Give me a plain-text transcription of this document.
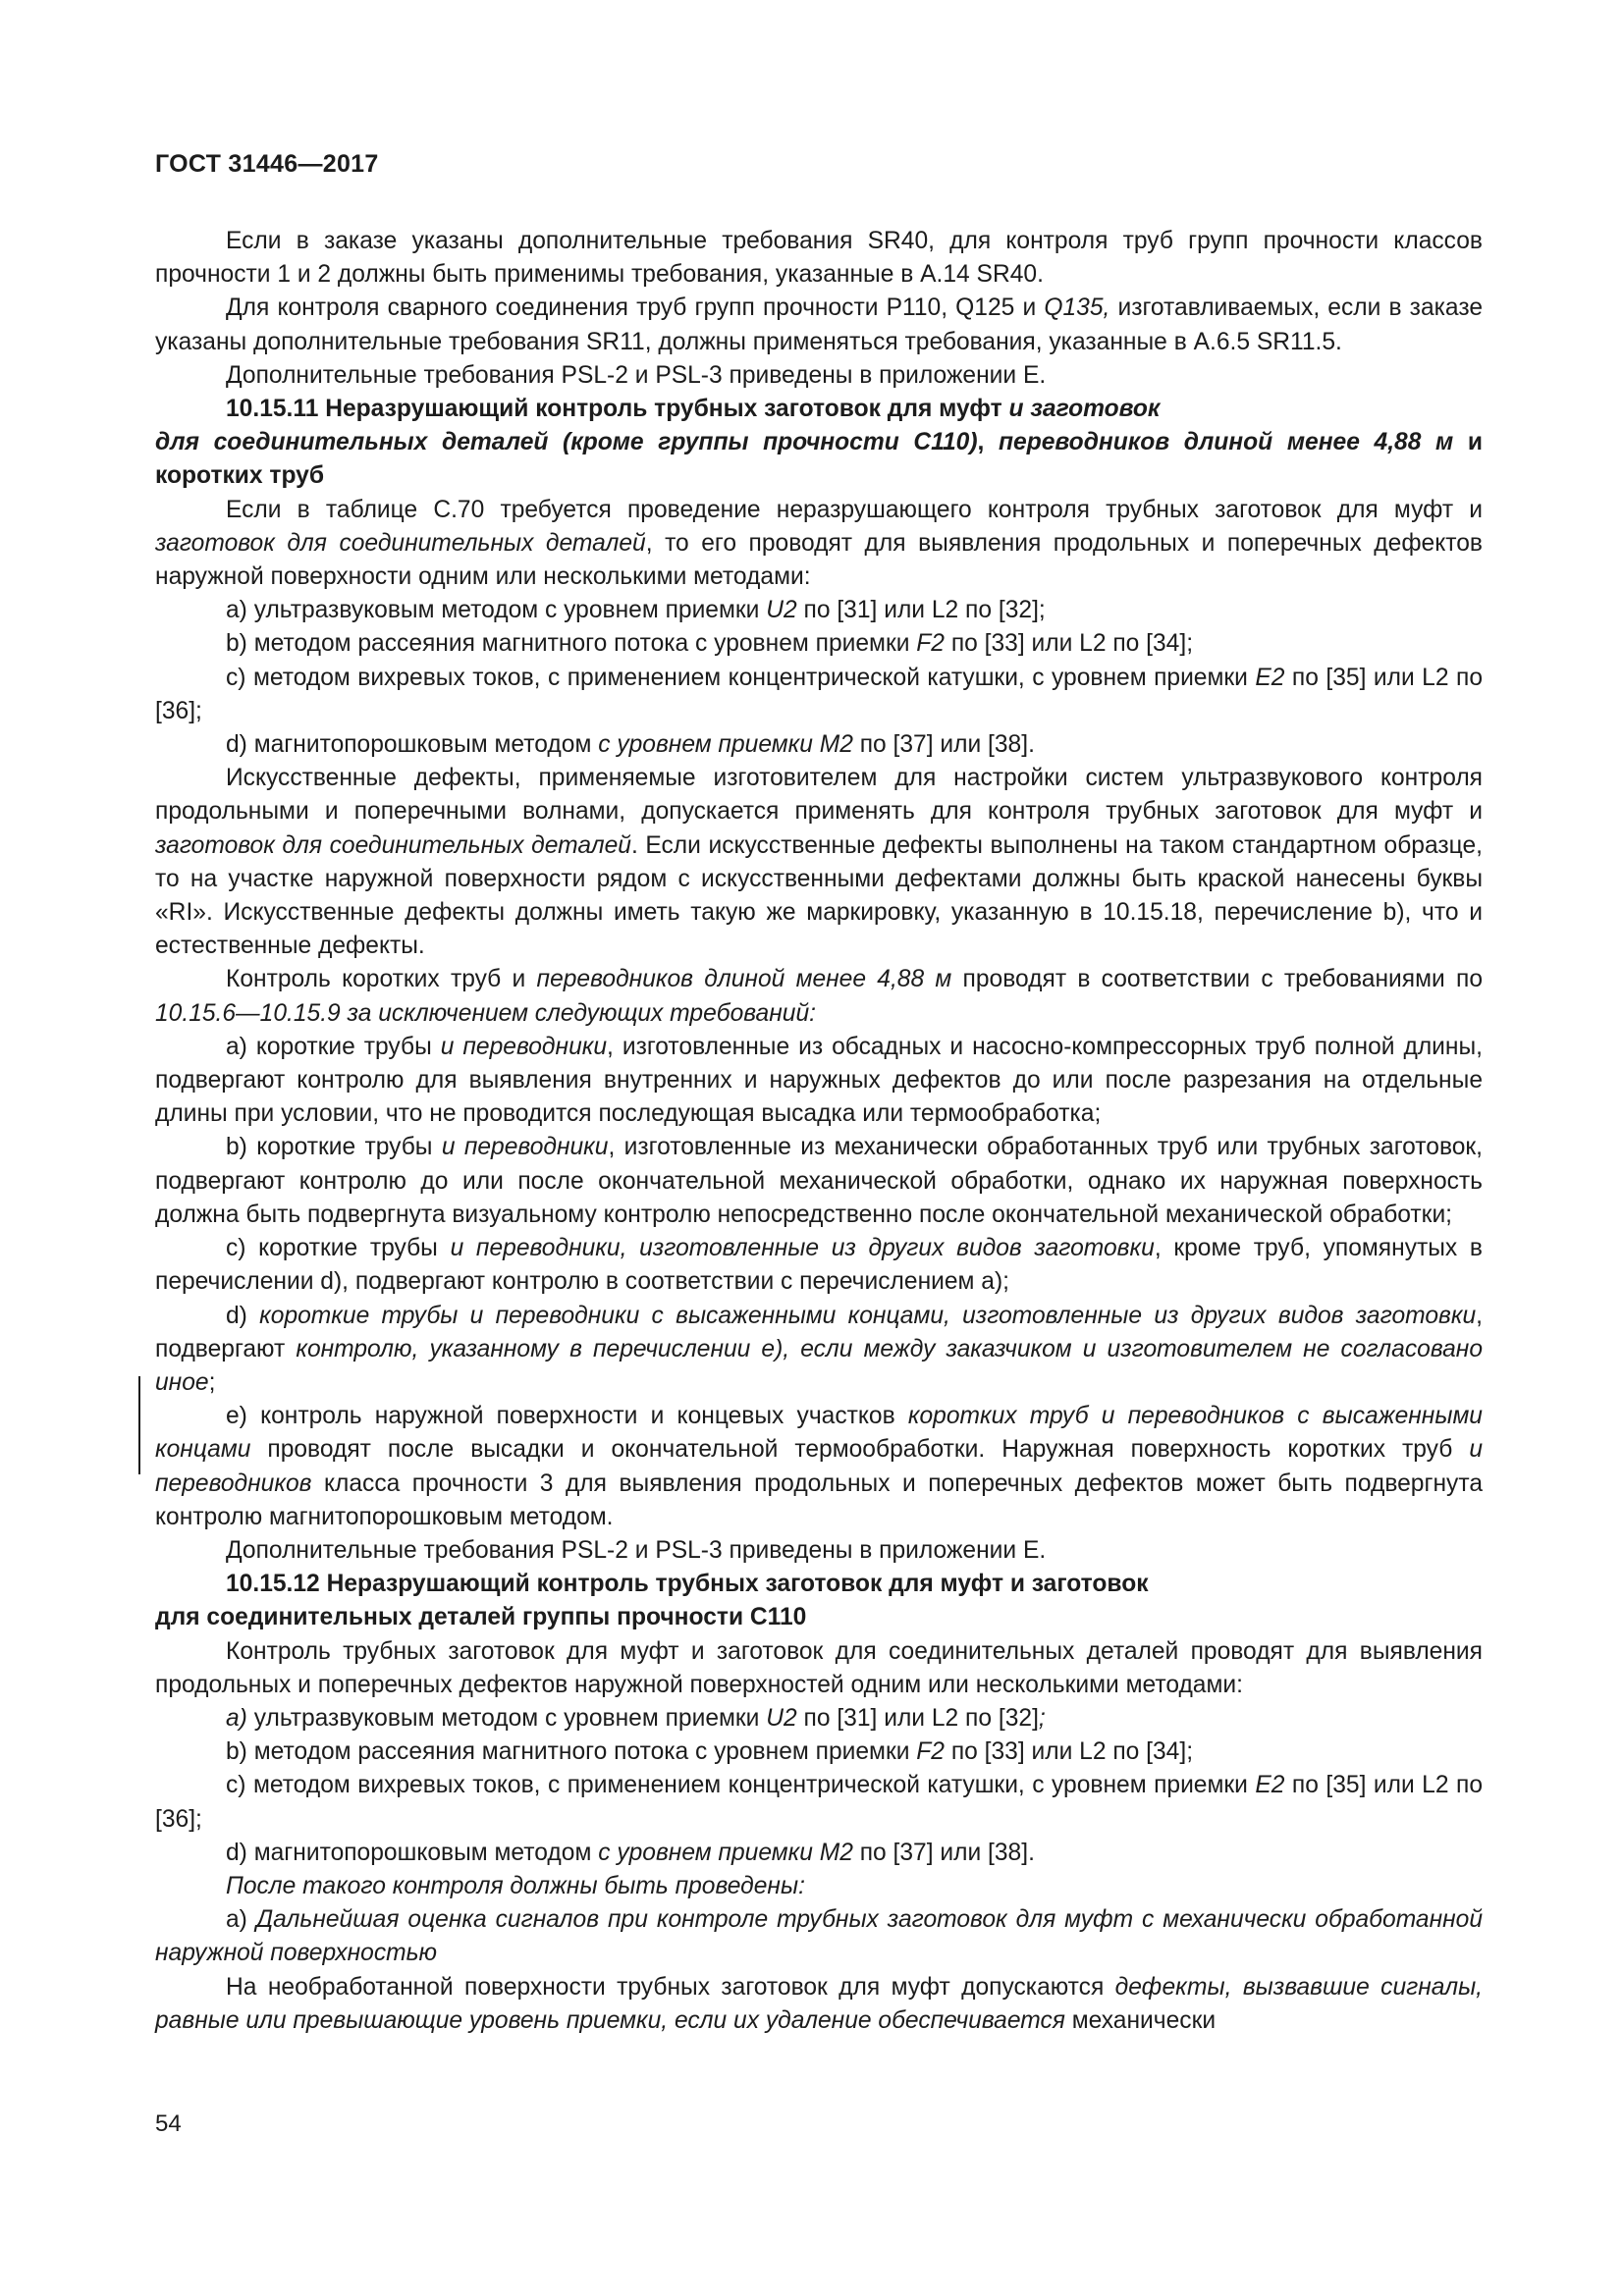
ГОСТ 31446—2017

Если в заказе указаны дополнительные требования SR40, для контроля труб групп прочности классов прочности 1 и 2 должны быть применимы требования, указанные в А.14 SR40.

Для контроля сварного соединения труб групп прочности Р110, Q125 и Q135, изготавливаемых, если в заказе указаны дополнительные требования SR11, должны применяться требования, указанные в А.6.5 SR11.5.

Дополнительные требования PSL-2 и PSL-3 приведены в приложении Е.

10.15.11 Неразрушающий контроль трубных заготовок для муфт и заготовок
для соединительных деталей (кроме группы прочности С110), переводников длиной менее 4,88 м и коротких труб

Если в таблице С.70 требуется проведение неразрушающего контроля трубных заготовок для муфт и заготовок для соединительных деталей, то его проводят для выявления продольных и поперечных дефектов наружной поверхности одним или несколькими методами:

a) ультразвуковым методом с уровнем приемки U2 по [31] или L2 по [32];

b) методом рассеяния магнитного потока с уровнем приемки F2 по [33] или L2 по [34];

c) методом вихревых токов, с применением концентрической катушки, с уровнем приемки Е2 по [35] или L2 по [36];

d) магнитопорошковым методом с уровнем приемки М2 по [37] или [38].

Искусственные дефекты, применяемые изготовителем для настройки систем ультразвукового контроля продольными и поперечными волнами, допускается применять для контроля трубных заготовок для муфт и заготовок для соединительных деталей. Если искусственные дефекты выполнены на таком стандартном образце, то на участке наружной поверхности рядом с искусственными дефектами должны быть краской нанесены буквы «RI». Искусственные дефекты должны иметь такую же маркировку, указанную в 10.15.18, перечисление b), что и естественные дефекты.

Контроль коротких труб и переводников длиной менее 4,88 м проводят в соответствии с требованиями по 10.15.6—10.15.9 за исключением следующих требований:

a) короткие трубы и переводники, изготовленные из обсадных и насосно-компрессорных труб полной длины, подвергают контролю для выявления внутренних и наружных дефектов до или после разрезания на отдельные длины при условии, что не проводится последующая высадка или термообработка;

b) короткие трубы и переводники, изготовленные из механически обработанных труб или трубных заготовок, подвергают контролю до или после окончательной механической обработки, однако их наружная поверхность должна быть подвергнута визуальному контролю непосредственно после окончательной механической обработки;

c) короткие трубы и переводники, изготовленные из других видов заготовки, кроме труб, упомянутых в перечислении d), подвергают контролю в соответствии с перечислением a);

d) короткие трубы и переводники с высаженными концами, изготовленные из других видов заготовки, подвергают контролю, указанному в перечислении e), если между заказчиком и изготовителем не согласовано иное;

e) контроль наружной поверхности и концевых участков коротких труб и переводников с высаженными концами проводят после высадки и окончательной термообработки. Наружная поверхность коротких труб и переводников класса прочности 3 для выявления продольных и поперечных дефектов может быть подвергнута контролю магнитопорошковым методом.

Дополнительные требования PSL-2 и PSL-3 приведены в приложении Е.

10.15.12 Неразрушающий контроль трубных заготовок для муфт и заготовок
для соединительных деталей группы прочности С110

Контроль трубных заготовок для муфт и заготовок для соединительных деталей проводят для выявления продольных и поперечных дефектов наружной поверхностей одним или несколькими методами:

a) ультразвуковым методом с уровнем приемки U2 по [31] или L2 по [32];

b) методом рассеяния магнитного потока с уровнем приемки F2 по [33] или L2 по [34];

c) методом вихревых токов, с применением концентрической катушки, с уровнем приемки Е2 по [35] или L2 по [36];

d) магнитопорошковым методом с уровнем приемки М2 по [37] или [38].

После такого контроля должны быть проведены:

a) Дальнейшая оценка сигналов при контроле трубных заготовок для муфт с механически обработанной наружной поверхностью

На необработанной поверхности трубных заготовок для муфт допускаются дефекты, вызвавшие сигналы, равные или превышающие уровень приемки, если их удаление обеспечивается механически

54
